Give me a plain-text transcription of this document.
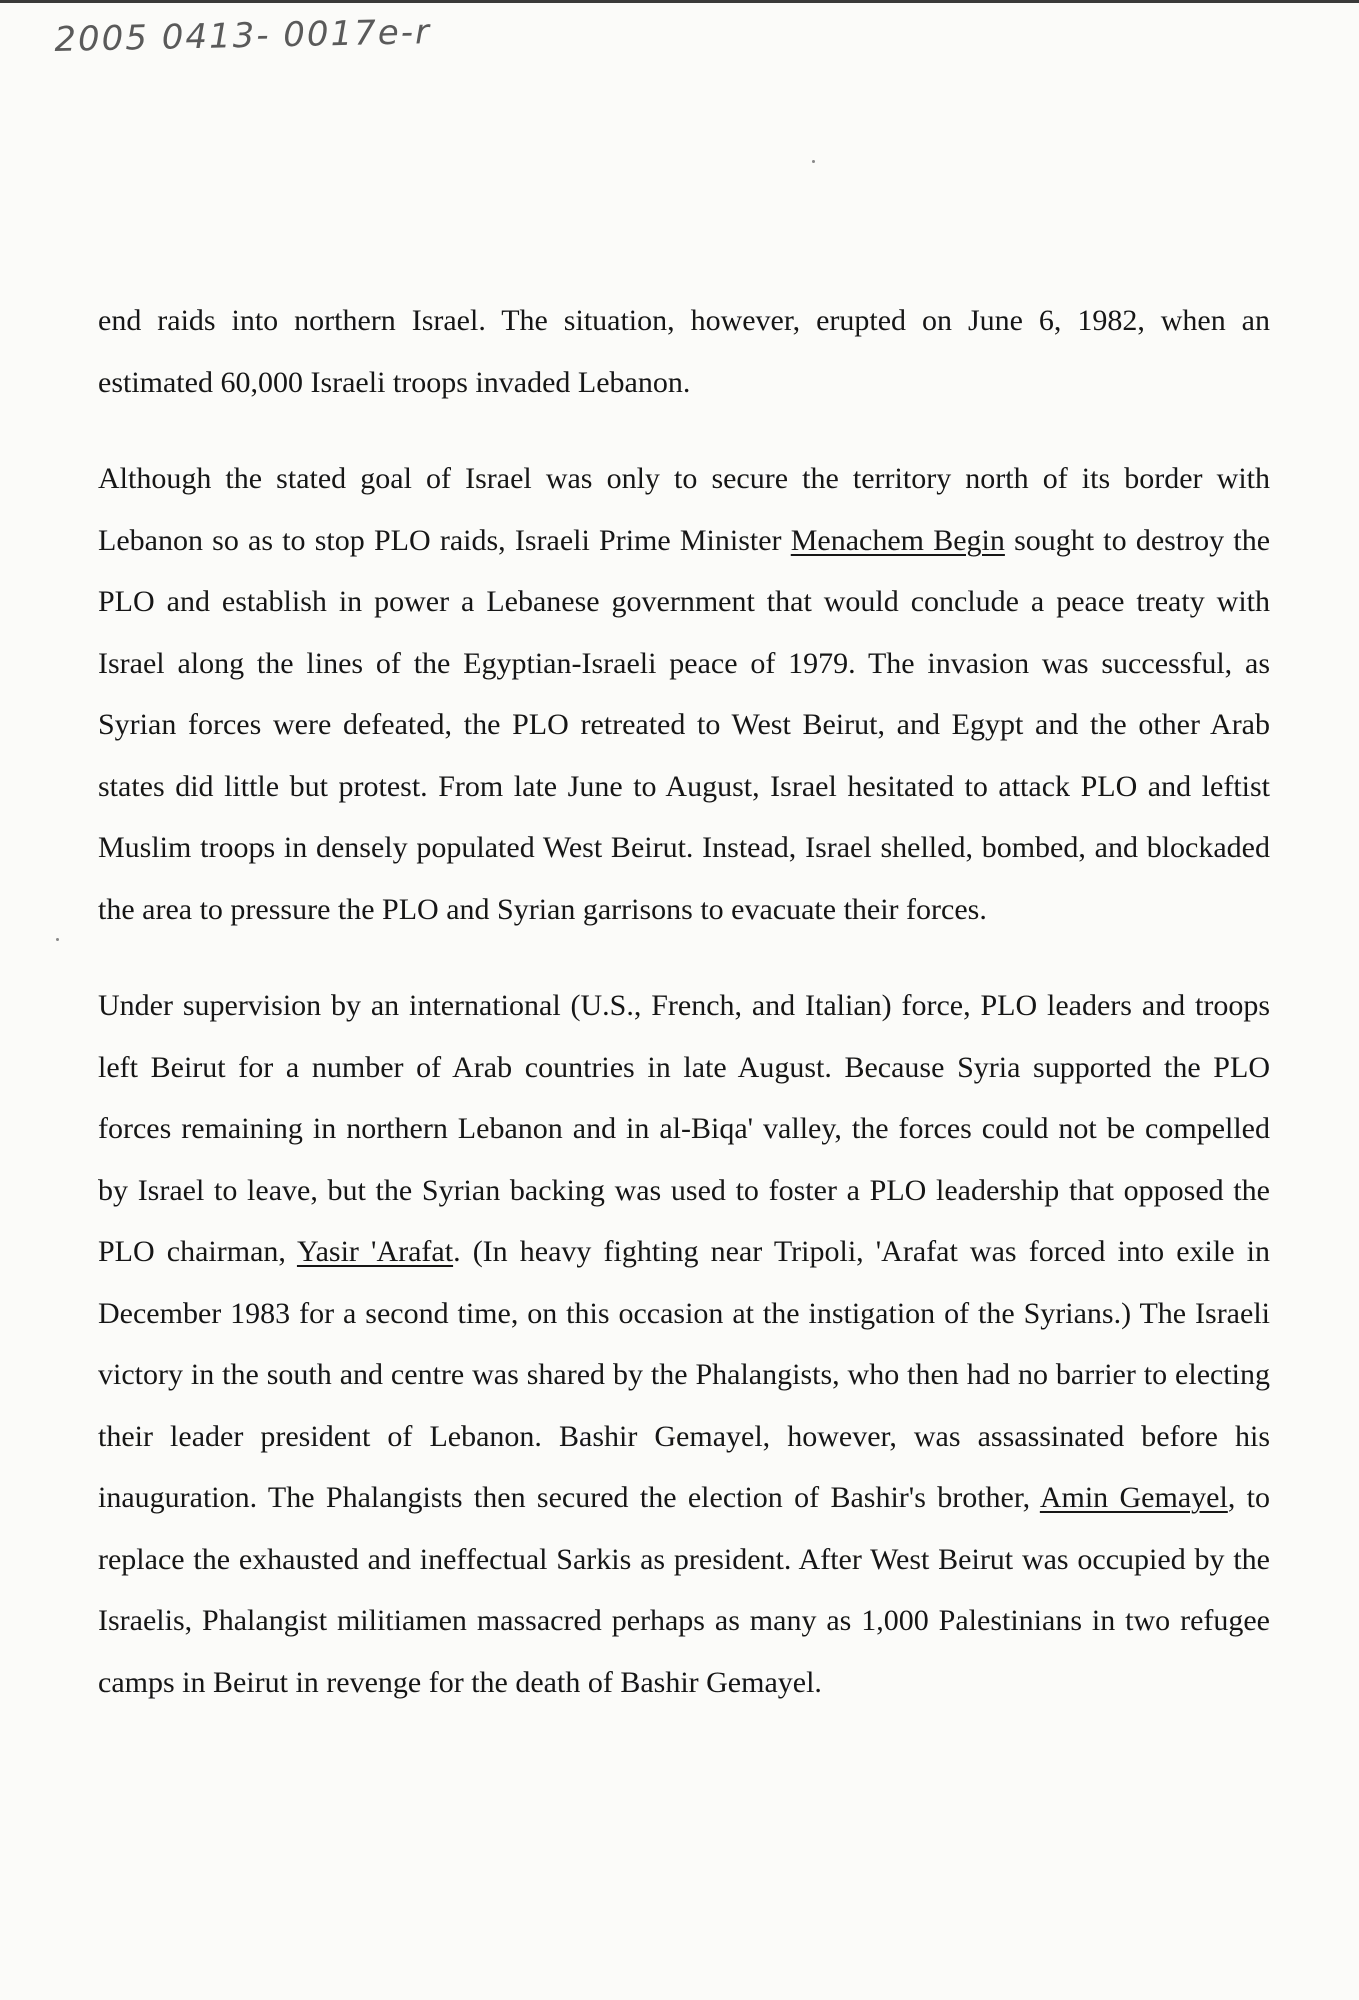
2005 0413- 0017e-r

end raids into northern Israel. The situation, however, erupted on June 6, 1982, when an estimated 60,000 Israeli troops invaded Lebanon.

Although the stated goal of Israel was only to secure the territory north of its border with Lebanon so as to stop PLO raids, Israeli Prime Minister Menachem Begin sought to destroy the PLO and establish in power a Lebanese government that would conclude a peace treaty with Israel along the lines of the Egyptian-Israeli peace of 1979. The invasion was successful, as Syrian forces were defeated, the PLO retreated to West Beirut, and Egypt and the other Arab states did little but protest. From late June to August, Israel hesitated to attack PLO and leftist Muslim troops in densely populated West Beirut. Instead, Israel shelled, bombed, and blockaded the area to pressure the PLO and Syrian garrisons to evacuate their forces.

Under supervision by an international (U.S., French, and Italian) force, PLO leaders and troops left Beirut for a number of Arab countries in late August. Because Syria supported the PLO forces remaining in northern Lebanon and in al-Biqa' valley, the forces could not be compelled by Israel to leave, but the Syrian backing was used to foster a PLO leadership that opposed the PLO chairman, Yasir 'Arafat. (In heavy fighting near Tripoli, 'Arafat was forced into exile in December 1983 for a second time, on this occasion at the instigation of the Syrians.) The Israeli victory in the south and centre was shared by the Phalangists, who then had no barrier to electing their leader president of Lebanon. Bashir Gemayel, however, was assassinated before his inauguration. The Phalangists then secured the election of Bashir's brother, Amin Gemayel, to replace the exhausted and ineffectual Sarkis as president. After West Beirut was occupied by the Israelis, Phalangist militiamen massacred perhaps as many as 1,000 Palestinians in two refugee camps in Beirut in revenge for the death of Bashir Gemayel.
